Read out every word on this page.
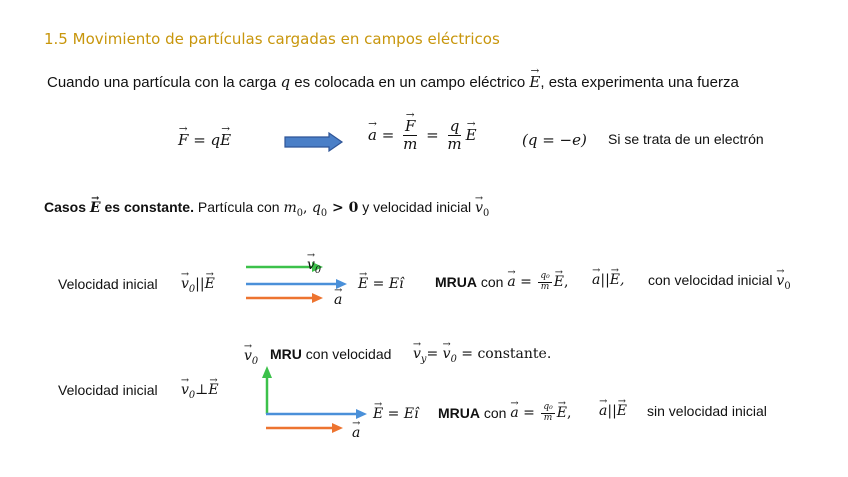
1.5 Movimiento de partículas cargadas en campos eléctricos
Cuando una partícula con la carga q es colocada en un campo eléctrico → E, esta experimenta una fuerza
→ F = q→ E
→	a =
→ $\frac{F}{m} = \frac{q}{m}$
→ E	(q = −e) Si se trata de un electrón
Casos → E es constante. Partícula con $m_0$, $q_0 > 0$ y velocidad inicial → $v_0$
Velocidad inicial
→ $v_0||\to E$
→ $v_0$
→ a
→ E = Eî MRUA con
→ $a = \frac{\text{q₀}}{m}$
→ E ,
→ a||→ E, con velocidad inicial → $v_0$
→ $v_0$ MRU con velocidad
→ $v_y= \to v_0$ = constante.
Velocidad inicial
→ $v_0\perp\to E$
→ a
→ E = Eî MRUA con
→ $a = \frac{\text{q₀}}{m}$
→ E ,
→ a||→ E sin velocidad inicial
